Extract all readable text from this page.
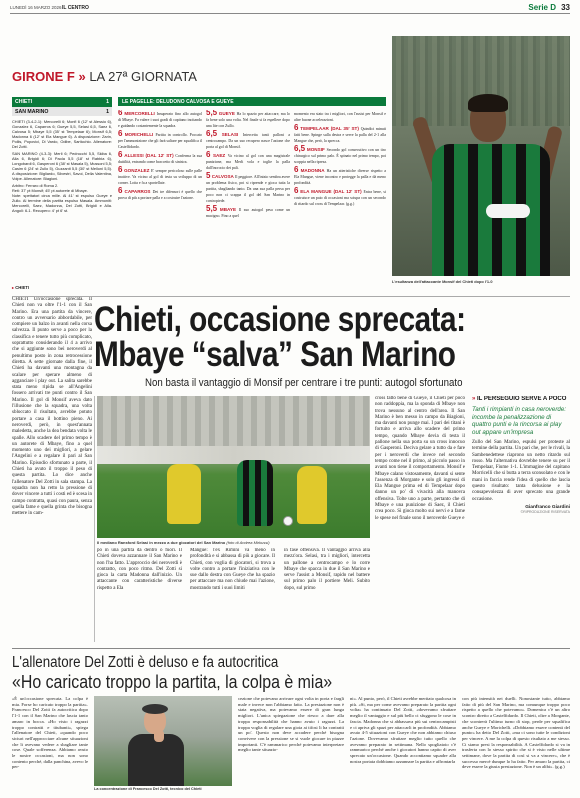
LUNEDÌ 16 MARZO 2026 IL CENTRO	Serie D 33
GIRONE F » LA 27ª GIORNATA
CHIETI	1
SAN MARINO	1
LE PAGELLE: DELUDONO CALVOSA E GUEYE

CHIETI (3-4-2-1): Mercorelli 6; Monfi 6 (12' st Alessio 6), Gonzalez 6, Caparros 6; Gueye 5,5, Selasi 6,5, Saez 6, Calvosa 5; Mbaye 5,5 (35' st Tempelaar 6); Monsif 6,5; Madonna 6 (12' st Ela Mangue 6). A disposizione: Zarin, Pollis, Popovici, Di Vardo, Odibe, Sarticchio. Allenatore: Del Zotti.

SAN MARINO (4-3-3): Merli 6; Pedrocchi 5,5, Skiba 6, Alla 6, Brigidi 6; Di Paola 5,5 (18' st Rabbia 6), Longobardi 6, Gasperoni 6 (38' st Masala 5), Mussoni 5,5; Casim 6 (24' st Zullo 5), Guzzanti 5,5 (30' st Melloni 5,5). A disposizione: Bigliardo, Silvestri, Savoi, Della Valentina, Volpe. Allenatore: Biagioni.

Arbitro: Ferraro di Roma 2.

Reti: 37' pt Monsif; 45' pt autorete di Mbaye.

Note: spettatori circa mille. Al 41' st espulso Gueye e Zullo. Al termine della partita espulso Masala. Ammoniti: Mercorelli, Saez, Madonna, Del Zotti, Brigidi e Alla. Angoli: 6-1. Recupero: 4' pt 6' st.

▸ CHIETI
6 MERCORELLI Insuperato fino allo autogol di Mbaye. Fa valere i suoi gradi di capitano incitando e guidando costantemente la squadra.
6 MORICHELLI Partita in controllo. Poccato per l'ammonizione che gli farà saltare per squalifica il Castelfidardo.
6 ALLESSI (DAL 12' ST) Conferma la sua duttilità, entrando come braccetto di sinistra.
6 GONZALEZ E' sempre pericoloso sulle palle inattive. Va vicino al gol di testa su sviluppo di un corner. Lotta e fa a sportellate.
6 CAPARROS Dei tre difensori è quello che prova di più a portare palla e a costruire l'azione.
5,5 GUEYE Ha lo spazio per attaccare, ma lo fa bene solo una volta. Nel finale si fa espellere dopo una lite con Zullo.
6,5 SELASI Intercetta tanti palloni a centrocampo. Da un suo recupero nasce l'azione che porta al gol di Monsif.
6 SAEZ Va vicino al gol con una magistrale punizione, ma Merli vola e toglie la palla dall'incrocio dei pali.
5 CALVOSA Il peggiore. All'inizio sembra avere un problema fisico, poi si riprende e gioca tutta la partita, sbagliando tanto. Da una sua palla persa per poco non ci scappa il gol del San Marino in contropiede.
5,5 MBAYE Il suo autogol pesa come un macigno. Fino a quel
momento era stato tra i migliori, con l'assist per Monsif e altre buone accelerazioni.
6 TEMPELAAR (DAL 35' ST) Quindici minuti fatti bene. Spinge sulla destra e serve la palla del 2-1 alla Mangue che, però, la sprecca.
6,5 MONSIF Secondo gol consecutivo con un tiro chirurgico sul primo palo. È spinato nel primo tempo, poi scoppia nella ripresa.
6 MADONNA Ha un atteristiche diverse rispetto a Ela Mangue, viene incontro e protegge la palla e dà meno profondità.
6 ELA MANGUE (DAL 12' ST) Entra bene, si costruisce un paio di occasioni ma sciupa con un secondo di ritardo sul cross di Tempelaar. (g.g.)
L'esultanza dell'attaccante Monsif del Chieti dopo l'1-0
Chieti, occasione sprecata:
Mbaye “salva” San Marino
Non basta il vantaggio di Monsif per centrare i tre punti: autogol sfortunato

CHIETI Un'occasione sprecata. Il Chieti non va oltre l'1-1 con il San Marino. Era una partita da vincere, contro un avversario abbordabile, per compiere un balzo in avanti nella corsa salvezza. Il punto serve a poco per la classifica e tenere tutto più complicato, soprattutto considerando il 4 a arrivo che si aggiunte sono beì neroverdi al penultimo posto in zona retrocessione diretta. A sette giornate dalla fine, il Chieti ha davanti una montagna da scalare per sperare almeno di agganciare i play out. La salita sarebbe stata meno ripida se all'Angelini fossero arrivati tre punti contro il San Marino. Il gol di Monsif aveva dato l'illusione che la squadra, una volta sbloccato il risultato, avrebbe potuto portare a casa il bottino pieno. Ai neroverdi, però, in quest'annata maledetta, anche la dea bendata volta le spalle. Allo scadere del primo tempo è un autorete di Mbaye, fino a quel momento uno dei migliori, a gelare l'Angelini e a regalare il pari al San Marino. Episodio sfortunato a parte, il Chieti ha avuto il troppo il peso di questa partita. Lo dice anche l'allenatore Del Zotti in sala stampa. La squadra non ha retto la pressione di dover vincere a tutti i costi ed è scesa in campo contratta, quasi con paura, senza quella fame e quella grinta che bisogna mettere in cam-

Il mediano Ransford Selasi in mezzo a due giocatori del San Marino (foto di Andrea Mirkussi)

po in una partita da dentro o fuori. Il Chieti doveva azzannare il San Marino e non l'ha fatto. L'approccio dei neroverdi è contratto, con poco ritmo. Del Zotti si gioca la carta Madonna dall'inizio. Un attaccante con caratteristiche diverse rispetto a Ela

Mangue: l'ex Rimini va meno in profondità e si abbassa di più a giocare. Il Chieti, con voglia di giocatori, si trova a volte contro a portare l'iniziativa con le sue dallo destra con Gueye che ha spazio per attaccare ma non chiude mai l'azione, mostrando tutti i suoi limiti

in fase offensiva. Il vantaggio arriva alla mezz'ora. Selasi, tra i migliori, intercetta un pallone a centrocampo e lo corre Mbaye che spacca in due il San Marino e serve l'assist a Monsif, rapido nel battere sul primo palo il portiere Meli. Subito dopo, sul primo

cross fatto bene di Gueye, il Chieti per poco non raddoppia, ma la sponda di Mbaye non trova nessuno al centro dell'area. Il San Marino è ben messo in campo da Biagioni, ma davanti non punge mai. I pari dei titani è fortuito e arriva allo scadere del primo tempo, quando Mbaye devia di testa il pallone nella sua porta su un cross innocuo di Gasperoni. Deciva gelare a tutto da e fare per i neroverdi che invece nel secondo tempo come nel il primo, al piccolo passo in avanti non tiene il comportamento. Monsif e Mbaye calano vistosamente, davanti si sente l'assenza di Morgante e solo gli ingressi di Ela Mangue prima ed di Tempelaar dopo danno un po' di vivacità alla manovra offensiva. Tolte uno a parte, pertanto che di Mbaye e una punizione di Saez, il Chieti crea poco. Si gioca molto sui nervi e a farne le spese nel finale sono il neroverde Gueye e

» IL PERSEGUIO SERVE A POCO

Tanti i rimpianti in casa neroverde: incombe la penalizzazione di quattro punti e la rincorsa ai play out appare un'impresa

Zullo del San Marino, espulsi per proteste al termine della partita. Un pari che, per le rivali, la Sambenedettese riaprono un netto ritardo sul rosso. Ma l'alternativa dovrebbe tenere su per il Tempelaar, Fiume 1-1. L'immagine del capitano Morricelli che si butta a terra sconsolato e con le mani in faccia rende l'idea di quello che lascia questo risultato: tanta delusione e la consapevolezza di aver sprecato una grande occasione.

Gianfranco Giardini

©RIPRODUZIONE RISERVATA

L'allenatore Del Zotti è deluso e fa autocritica
«Ho caricato troppo la partita, la colpa è mia»

«È un'occasione sprecata. La colpa è mia. Forse ho caricato troppo la partita». Francesco Del Zotti fa autocritica dopo l'1-1 con il San Marino che lascia tanto amaro in bocca. «Ho visto i ragazzi troppo contratti e titubanti», spiega l'allenatore del Chieti, «quando poco siciuri nell'approcciare alcune situazioni che li avevano vedere a sbagliare tante cose. Quale sofferenza. Abbiamo avuto le nostre occasioni, ma non sono contento perché, dalla panchina, avevo le per-

La concentrazione di Francesco Del Zotti, tecnico del Chieti

cezione che potevano arrivare ogni volta in porta e fargli male e invece non l'abbiamo fatto. La prestazione non è stata negativa, ma potevamo essere di gran lunga migliori. L'unica spiegazione che riesco a dare alla troppa responsabilità che hanno avuto i ragazzi. La troppa voglia di regalare una gioia ai tifosi li ha contratti un po'. Questo non deve accadere perché bisogna convivere con la pressione se si vuole giocare in piazze importanti. C'è rammarico perché potevamo interpretare meglio tante situazio-

ni». Al punto, però, il Chieti avrebbe meritato qualcosa in più. «Si, ma per come avevamo preparato la partita ogni volta» ha continuato Del Zotti, «dovevamo sfruttare meglio il vantaggio e sul più bello ci sfuggono le cose in fascia. Madonna che si abbassava più sui centrocampisti e ci apriva gli spazi per attaccarli in profondità. Abbiamo avuto 4-5 situazioni con Gueye che non abbiamo chiuso l'azione. Dovevamo sfruttare meglio tutto quello che avevamo preparato in settimana. Nello spogliatoio c'è rammarico perché anche i giocatori hanno capito di aver sprecato un'occasione. Quando accontiamo squadre alla nostra portata dobbiamo azzannare la partita e affrontarla

con più intensità nei duelli. Nonostante tutto, abbiamo fatto di più del San Marino, ma comunque troppo poco rispetto a quello che potevamo». Domenica c'è un altro scontro diretto a Castelfidardo. Il Chieti, oltre a Morgante, che scontrerà l'ultimo turno di stop, perde per squalifica anche Gueye e Morichelli. «Dobbiamo essere contenti del punto» ha detto Del Zotti, «ma ci sono tutte le condizioni per vincere. A me la colpa di questo risultato a me stesso. Ci siamo presi la responsabilità. A Castelfidardo si va in trasferta con lo stesso spirito che si è visto nelle ultime settimane, dove la partita di così si va a vincere», che è successo mercè dunque lo ha fatto. Per amaro la partita, ci deve essere la giusta prestazione. Non è un alibi». (g.g.)
